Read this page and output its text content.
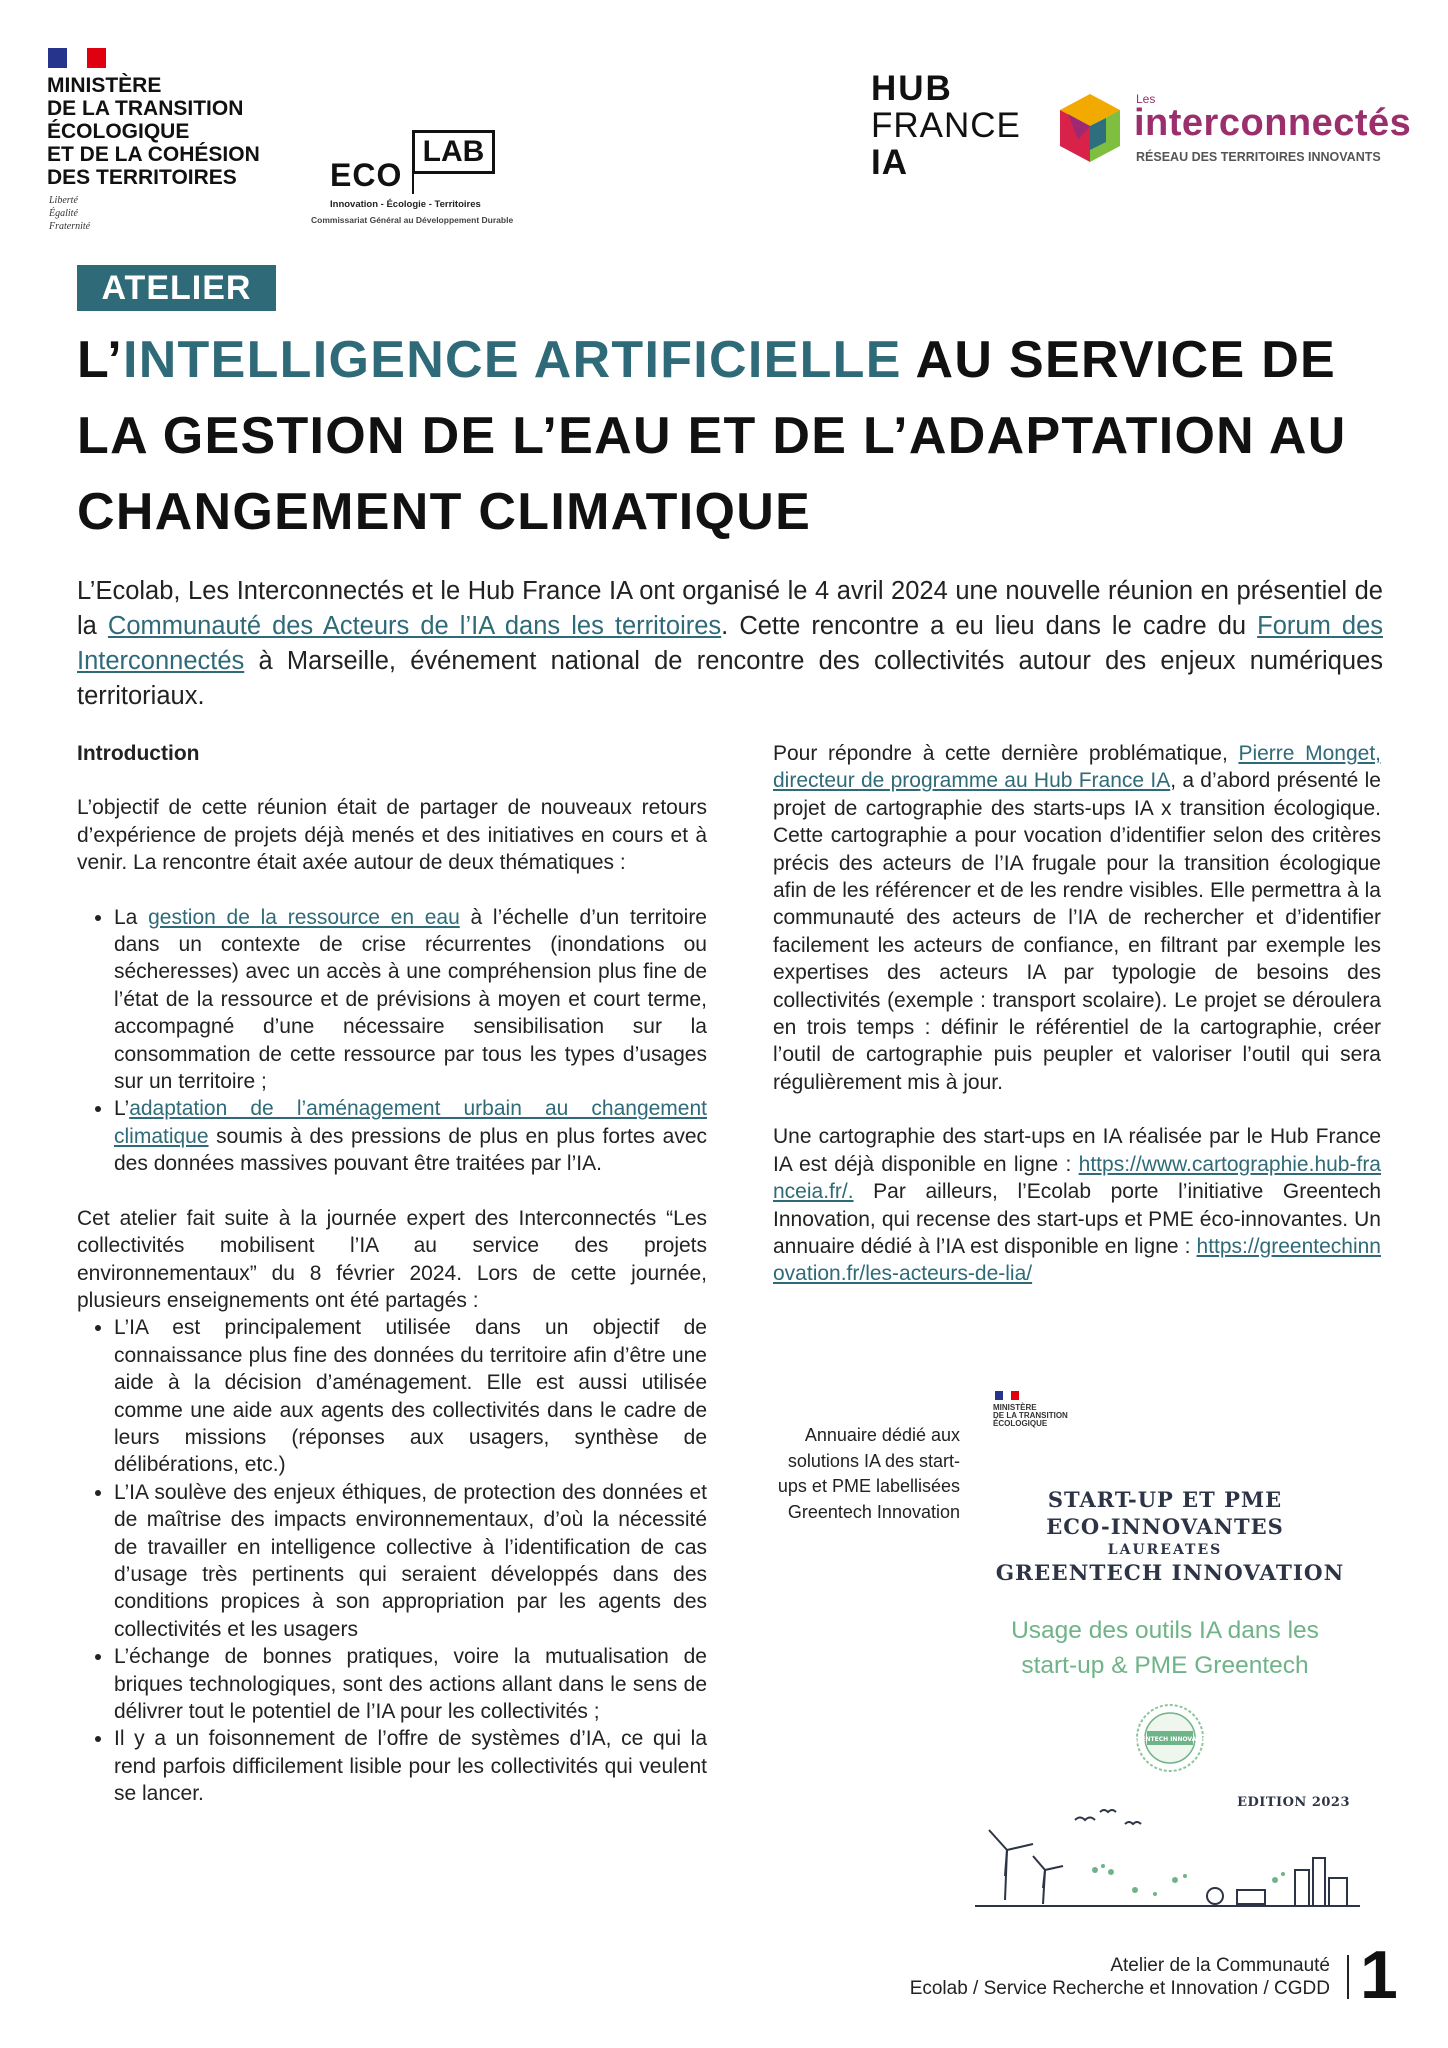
MINISTÈRE
DE LA TRANSITION
ÉCOLOGIQUE
ET DE LA COHÉSION
DES TERRITOIRES
Liberté
Égalité
Fraternité
ECO
LAB
Innovation - Écologie - Territoires
Commissariat Général au Développement Durable
HUB
FRANCE
IA
Les
interconnectés
RÉSEAU DES TERRITOIRES INNOVANTS
ATELIER
L’INTELLIGENCE ARTIFICIELLE AU SERVICE DE LA GESTION DE L’EAU ET DE L’ADAPTATION AU CHANGEMENT CLIMATIQUE
L’Ecolab, Les Interconnectés et le Hub France IA ont organisé le 4 avril 2024 une nouvelle réunion en présentiel de la Communauté des Acteurs de l’IA dans les territoires. Cette rencontre a eu lieu dans le cadre du Forum des Interconnectés à Marseille, événement national de rencontre des collectivités autour des enjeux numériques territoriaux.

Introduction

L’objectif de cette réunion était de partager de nouveaux retours d’expérience de projets déjà menés et des initiatives en cours et à venir. La rencontre était axée autour de deux thématiques :

• La gestion de la ressource en eau à l’échelle d’un territoire dans un contexte de crise récurrentes (inondations ou sécheresses) avec un accès à une compréhension plus fine de l’état de la ressource et de prévisions à moyen et court terme, accompagné d’une nécessaire sensibilisation sur la consommation de cette ressource par tous les types d’usages sur un territoire ;
• L’adaptation de l’aménagement urbain au changement climatique soumis à des pressions de plus en plus fortes avec des données massives pouvant être traitées par l’IA.

Cet atelier fait suite à la journée expert des Interconnectés “Les collectivités mobilisent l’IA au service des projets environnementaux” du 8 février 2024. Lors de cette journée, plusieurs enseignements ont été partagés :

• L’IA est principalement utilisée dans un objectif de connaissance plus fine des données du territoire afin d’être une aide à la décision d’aménagement. Elle est aussi utilisée comme une aide aux agents des collectivités dans le cadre de leurs missions (réponses aux usagers, synthèse de délibérations, etc.)
• L’IA soulève des enjeux éthiques, de protection des données et de maîtrise des impacts environnementaux, d’où la nécessité de travailler en intelligence collective à l’identification de cas d’usage très pertinents qui seraient développés dans des conditions propices à son appropriation par les agents des collectivités et les usagers
• L’échange de bonnes pratiques, voire la mutualisation de briques technologiques, sont des actions allant dans le sens de délivrer tout le potentiel de l’IA pour les collectivités ;
• Il y a un foisonnement de l’offre de systèmes d’IA, ce qui la rend parfois difficilement lisible pour les collectivités qui veulent se lancer.

Pour répondre à cette dernière problématique, Pierre Monget, directeur de programme au Hub France IA, a d’abord présenté le projet de cartographie des starts-ups IA x transition écologique. Cette cartographie a pour vocation d’identifier selon des critères précis des acteurs de l’IA frugale pour la transition écologique afin de les référencer et de les rendre visibles. Elle permettra à la communauté des acteurs de l’IA de rechercher et d’identifier facilement les acteurs de confiance, en filtrant par exemple les expertises des acteurs IA par typologie de besoins des collectivités (exemple : transport scolaire). Le projet se déroulera en trois temps : définir le référentiel de la cartographie, créer l’outil de cartographie puis peupler et valoriser l’outil qui sera régulièrement mis à jour.

Une cartographie des start-ups en IA réalisée par le Hub France IA est déjà disponible en ligne : https://www.cartographie.hub-franceia.fr/. Par ailleurs, l’Ecolab porte l’initiative Greentech Innovation, qui recense des start-ups et PME éco-innovantes. Un annuaire dédié à l’IA est disponible en ligne : https://greentechinnovation.fr/les-acteurs-de-lia/

Annuaire dédié aux solutions IA des start-ups et PME labellisées Greentech Innovation
MINISTÈRE
DE LA TRANSITION
ÉCOLOGIQUE
START-UP ET PME
ECO-INNOVANTES
LAUREATES
GREENTECH INNOVATION
Usage des outils IA dans les start-up & PME Greentech
GREENTECH INNOVATION
EDITION 2023
Atelier de la Communauté
Ecolab / Service Recherche et Innovation / CGDD 1
